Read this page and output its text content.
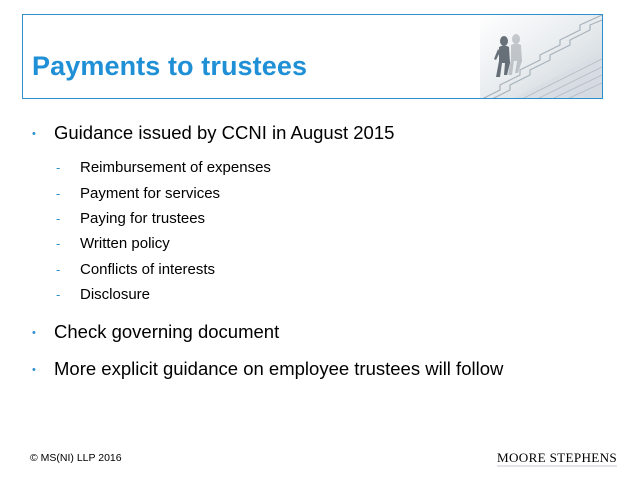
Payments to trustees
• Guidance issued by CCNI in August 2015
- Reimbursement of expenses
- Payment for services
- Paying for trustees
- Written policy
- Conflicts of interests
- Disclosure
• Check governing document
• More explicit guidance on employee trustees will follow
© MS(NI) LLP 2016	MOORE STEPHENS
